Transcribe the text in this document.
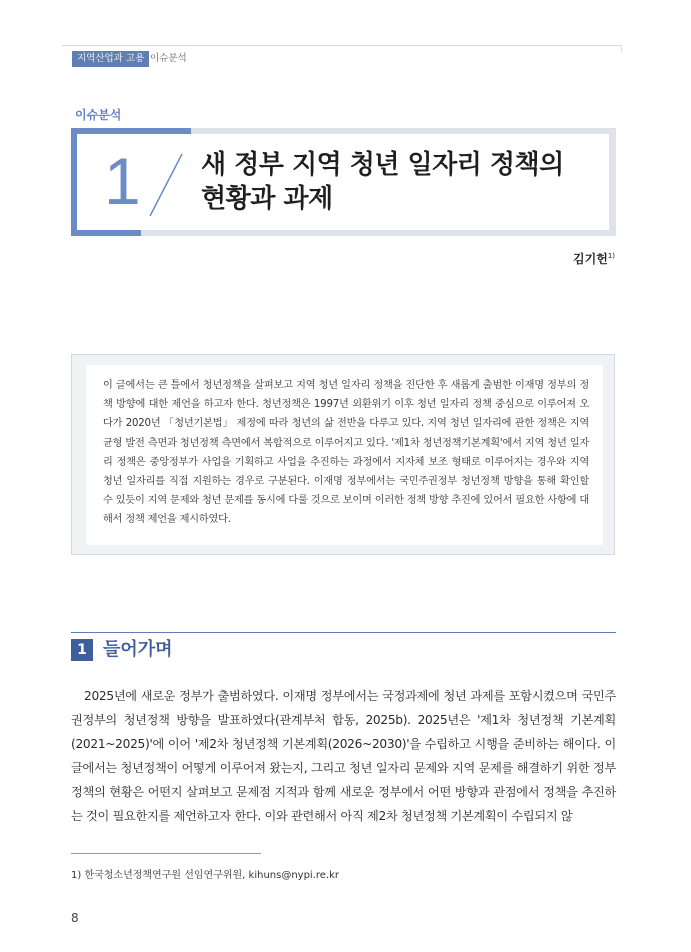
지역산업과 고용 이슈분석
이슈분석
1 새 정부 지역 청년 일자리 정책의
현황과 과제
김기헌$^{1)}$
이 글에서는 큰 틀에서 청년정책을 살펴보고 지역 청년 일자리 정책을 진단한 후 새롭게 출범한 이재명 정부의 정책 방향에 대한 제언을 하고자 한다. 청년정책은 1997년 외환위기 이후 청년 일자리 정책 중심으로 이루어져 오다가 2020년 「청년기본법」 제정에 따라 청년의 삶 전반을 다루고 있다. 지역 청년 일자리에 관한 정책은 지역균형 발전 측면과 청년정책 측면에서 복합적으로 이루어지고 있다. '제1차 청년정책기본계획'에서 지역 청년 일자리 정책은 중앙정부가 사업을 기획하고 사업을 추진하는 과정에서 지자체 보조 형태로 이루어지는 경우와 지역 청년 일자리를 직접 지원하는 경우로 구분된다. 이재명 정부에서는 국민주권정부 청년정책 방향을 통해 확인할 수 있듯이 지역 문제와 청년 문제를 동시에 다룰 것으로 보이며 이러한 정책 방향 추진에 있어서 필요한 사항에 대해서 정책 제언을 제시하였다.
1 들어가며
2025년에 새로운 정부가 출범하였다. 이재명 정부에서는 국정과제에 청년 과제를 포함시켰으며 국민주권정부의 청년정책 방향을 발표하였다(관계부처 합동, 2025b). 2025년은 '제1차 청년정책 기본계획(2021~2025)'에 이어 '제2차 청년정책 기본계획(2026~2030)'을 수립하고 시행을 준비하는 해이다. 이 글에서는 청년정책이 어떻게 이루어져 왔는지, 그리고 청년 일자리 문제와 지역 문제를 해결하기 위한 정부정책의 현황은 어떤지 살펴보고 문제점 지적과 함께 새로운 정부에서 어떤 방향과 관점에서 정책을 추진하는 것이 필요한지를 제언하고자 한다. 이와 관련해서 아직 제2차 청년정책 기본계획이 수립되지 않
1) 한국청소년정책연구원 선임연구위원, kihuns@nypi.re.kr
8
